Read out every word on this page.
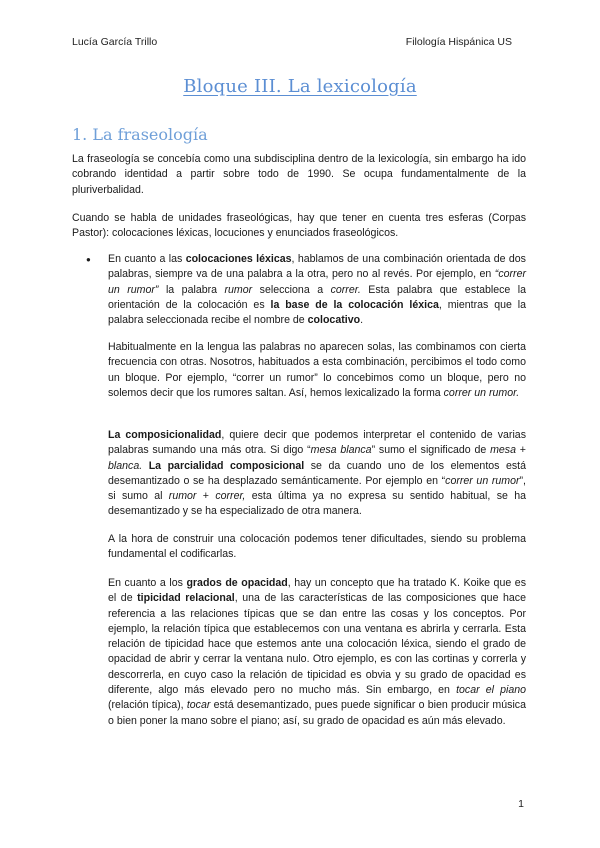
Lucía García Trillo	Filología Hispánica US
Bloque III. La lexicología
1. La fraseología

La fraseología se concebía como una subdisciplina dentro de la lexicología, sin embargo ha ido cobrando identidad a partir sobre todo de 1990. Se ocupa fundamentalmente de la pluriverbalidad.

Cuando se habla de unidades fraseológicas, hay que tener en cuenta tres esferas (Corpas Pastor): colocaciones léxicas, locuciones y enunciados fraseológicos.

● En cuanto a las colocaciones léxicas, hablamos de una combinación orientada de dos palabras, siempre va de una palabra a la otra, pero no al revés. Por ejemplo, en “correr un rumor” la palabra rumor selecciona a correr. Esta palabra que establece la orientación de la colocación es la base de la colocación léxica, mientras que la palabra seleccionada recibe el nombre de colocativo.

Habitualmente en la lengua las palabras no aparecen solas, las combinamos con cierta frecuencia con otras. Nosotros, habituados a esta combinación, percibimos el todo como un bloque. Por ejemplo, “correr un rumor” lo concebimos como un bloque, pero no solemos decir que los rumores saltan. Así, hemos lexicalizado la forma correr un rumor.

La composicionalidad, quiere decir que podemos interpretar el contenido de varias palabras sumando una más otra. Si digo “mesa blanca” sumo el significado de mesa + blanca. La parcialidad composicional se da cuando uno de los elementos está desemantizado o se ha desplazado semánticamente. Por ejemplo en “correr un rumor”, si sumo al rumor + correr, esta última ya no expresa su sentido habitual, se ha desemantizado y se ha especializado de otra manera.

A la hora de construir una colocación podemos tener dificultades, siendo su problema fundamental el codificarlas.

En cuanto a los grados de opacidad, hay un concepto que ha tratado K. Koike que es el de tipicidad relacional, una de las características de las composiciones que hace referencia a las relaciones típicas que se dan entre las cosas y los conceptos. Por ejemplo, la relación típica que establecemos con una ventana es abrirla y cerrarla. Esta relación de tipicidad hace que estemos ante una colocación léxica, siendo el grado de opacidad de abrir y cerrar la ventana nulo. Otro ejemplo, es con las cortinas y correrla y descorrerla, en cuyo caso la relación de tipicidad es obvia y su grado de opacidad es diferente, algo más elevado pero no mucho más. Sin embargo, en tocar el piano (relación típica), tocar está desemantizado, pues puede significar o bien producir música o bien poner la mano sobre el piano; así, su grado de opacidad es aún más elevado.

1
